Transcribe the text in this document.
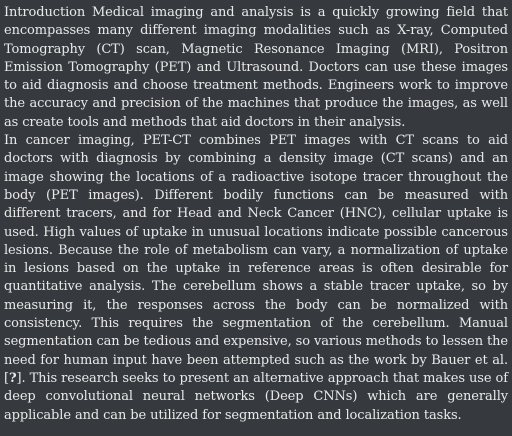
Introduction Medical imaging and analysis is a quickly growing field that encompasses many different imaging modalities such as X-ray, Computed Tomography (CT) scan, Magnetic Resonance Imaging (MRI), Positron Emission Tomography (PET) and Ultrasound. Doctors can use these images to aid diagnosis and choose treatment methods. Engineers work to improve the accuracy and precision of the machines that produce the images, as well as create tools and methods that aid doctors in their analysis.

In cancer imaging, PET-CT combines PET images with CT scans to aid doctors with diagnosis by combining a density image (CT scans) and an image showing the locations of a radioactive isotope tracer throughout the body (PET images). Different bodily functions can be measured with different tracers, and for Head and Neck Cancer (HNC), cellular uptake is used. High values of uptake in unusual locations indicate possible cancerous lesions. Because the role of metabolism can vary, a normalization of uptake in lesions based on the uptake in reference areas is often desirable for quantitative analysis. The cerebellum shows a stable tracer uptake, so by measuring it, the responses across the body can be normalized with consistency. This requires the segmentation of the cerebellum. Manual segmentation can be tedious and expensive, so various methods to lessen the need for human input have been attempted such as the work by Bauer et al. [?]. This research seeks to present an alternative approach that makes use of deep convolutional neural networks (Deep CNNs) which are generally applicable and can be utilized for segmentation and localization tasks.
